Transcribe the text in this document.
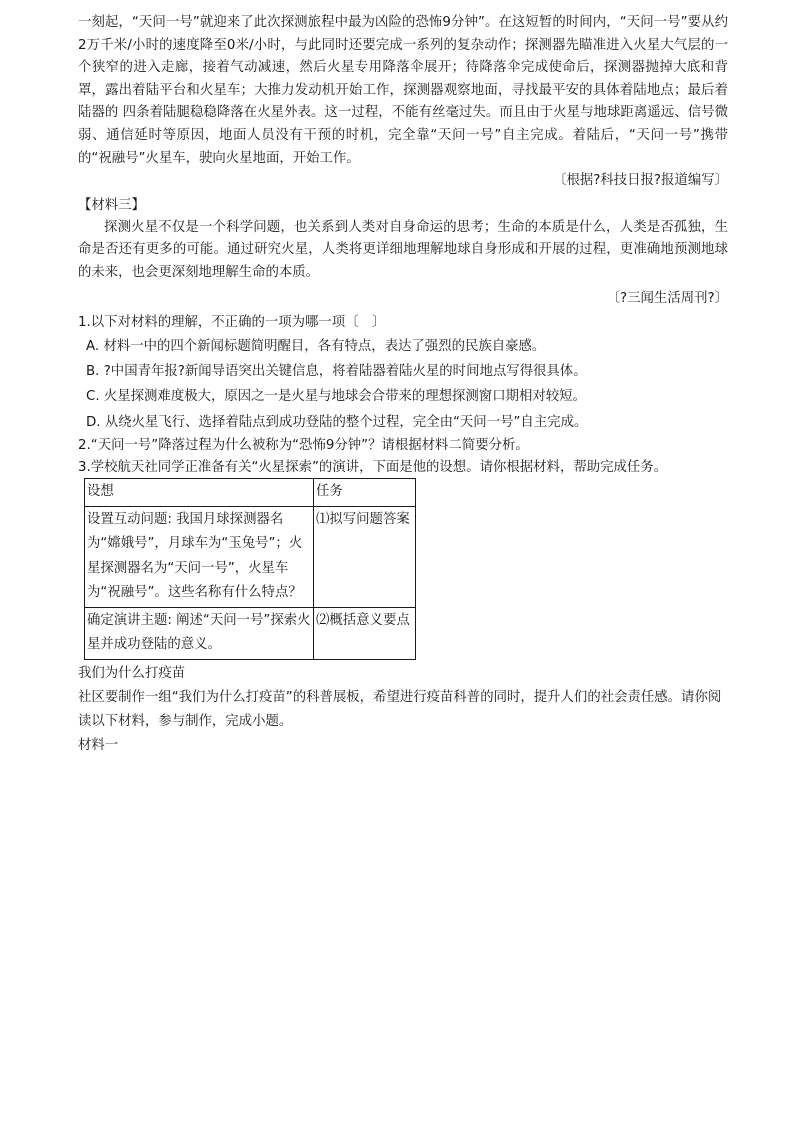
一刻起，“天问一号”就迎来了此次探测旅程中最为凶险的恐怖9分钟”。在这短暂的时间内，“天问一号”要从约2万千米/小时的速度降至0米/小时，与此同时还要完成一系列的复杂动作；探测器先瞄准进入火星大气层的一个狭窄的进入走廊，接着气动减速，然后火星专用降落伞展开；待降落伞完成使命后，探测器抛掉大底和背罩，露出着陆平台和火星车；大推力发动机开始工作，探测器观察地面，寻找最平安的具体着陆地点；最后着陆器的 四条着陆腿稳稳降落在火星外表。这一过程，不能有丝毫过失。而且由于火星与地球距离遥远、信号微弱、通信延时等原因，地面人员没有干预的时机，完全靠“天问一号”自主完成。着陆后，“天问一号”携带的“祝融号”火星车，驶向火星地面，开始工作。

〔根据?科技日报?报道编写〕

【材料三】

探测火星不仅是一个科学问题，也关系到人类对自身命运的思考；生命的本质是什么，人类是否孤独，生命是否还有更多的可能。通过研究火星，人类将更详细地理解地球自身形成和开展的过程，更准确地预测地球的未来，也会更深刻地理解生命的本质。

〔?三闻生活周刊?〕

1.以下对材料的理解，不正确的一项为哪一项〔　〕

A. 材料一中的四个新闻标题简明醒目，各有特点，表达了强烈的民族自豪感。

B. ?中国青年报?新闻导语突出关键信息，将着陆器着陆火星的时间地点写得很具体。

C. 火星探测难度极大，原因之一是火星与地球会合带来的理想探测窗口期相对较短。

D. 从绕火星飞行、选择着陆点到成功登陆的整个过程，完全由“天问一号”自主完成。

2.“天问一号”降落过程为什么被称为“恐怖9分钟”？请根据材料二简要分析。

3.学校航天社同学正准备有关“火星探索”的演讲，下面是他的设想。请你根据材料，帮助完成任务。

设想	任务
设置互动问题: 我国月球探测器名为“嫦娥号”，月球车为“玉兔号”；火星探测器名为“天问一号”，火星车为“祝融号”。这些名称有什么特点？	⑴拟写问题答案
确定演讲主题: 阐述“天问一号”探索火星并成功登陆的意义。	⑵概括意义要点

我们为什么打疫苗

社区要制作一组“我们为什么打疫苗”的科普展板，希望进行疫苗科普的同时，提升人们的社会责任感。请你阅读以下材料，参与制作，完成小题。

材料一
